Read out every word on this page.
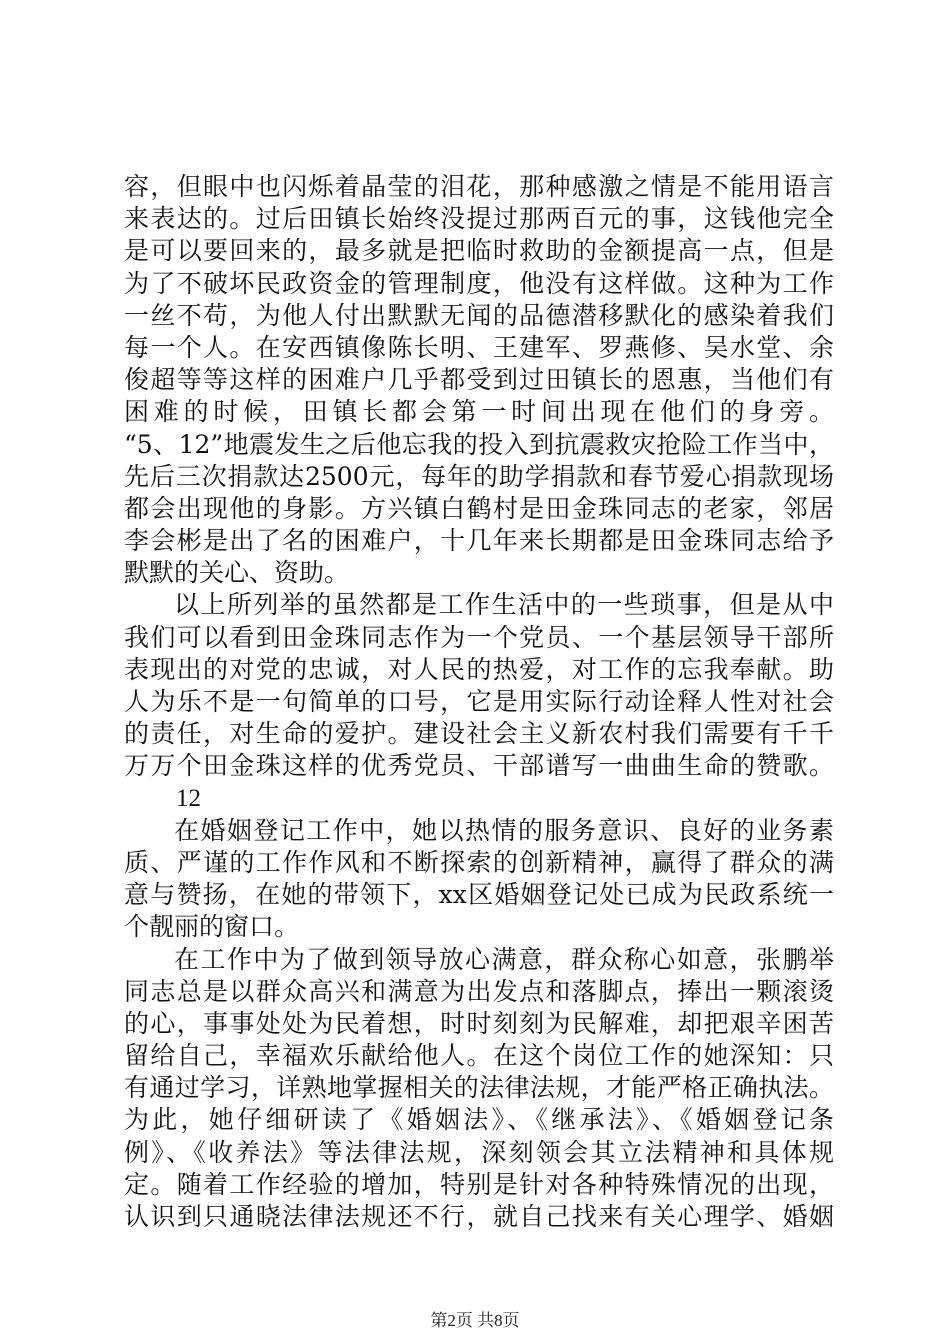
容，但眼中也闪烁着晶莹的泪花，那种感激之情是不能用语言
来表达的。过后田镇长始终没提过那两百元的事，这钱他完全
是可以要回来的，最多就是把临时救助的金额提高一点，但是
为了不破坏民政资金的管理制度，他没有这样做。这种为工作
一丝不苟，为他人付出默默无闻的品德潜移默化的感染着我们
每一个人。在安西镇像陈长明、王建军、罗燕修、吴水堂、余
俊超等等这样的困难户几乎都受到过田镇长的恩惠，当他们有
困难的时候，田镇长都会第一时间出现在他们的身旁。
“5、12”地震发生之后他忘我的投入到抗震救灾抢险工作当中，
先后三次捐款达2500元，每年的助学捐款和春节爱心捐款现场
都会出现他的身影。方兴镇白鹤村是田金珠同志的老家，邻居
李会彬是出了名的困难户，十几年来长期都是田金珠同志给予
默默的关心、资助。
以上所列举的虽然都是工作生活中的一些琐事，但是从中
我们可以看到田金珠同志作为一个党员、一个基层领导干部所
表现出的对党的忠诚，对人民的热爱，对工作的忘我奉献。助
人为乐不是一句简单的口号，它是用实际行动诠释人性对社会
的责任，对生命的爱护。建设社会主义新农村我们需要有千千
万万个田金珠这样的优秀党员、干部谱写一曲曲生命的赞歌。
12
在婚姻登记工作中，她以热情的服务意识、良好的业务素
质、严谨的工作作风和不断探索的创新精神，赢得了群众的满
意与赞扬，在她的带领下，xx区婚姻登记处已成为民政系统一
个靓丽的窗口。
在工作中为了做到领导放心满意，群众称心如意，张鹏举
同志总是以群众高兴和满意为出发点和落脚点，捧出一颗滚烫
的心，事事处处为民着想，时时刻刻为民解难，却把艰辛困苦
留给自己，幸福欢乐献给他人。在这个岗位工作的她深知：只
有通过学习，详熟地掌握相关的法律法规，才能严格正确执法。
为此，她仔细研读了《婚姻法》、《继承法》、《婚姻登记条
例》、《收养法》等法律法规，深刻领会其立法精神和具体规
定。随着工作经验的增加，特别是针对各种特殊情况的出现，
认识到只通晓法律法规还不行，就自己找来有关心理学、婚姻
第2页 共8页
